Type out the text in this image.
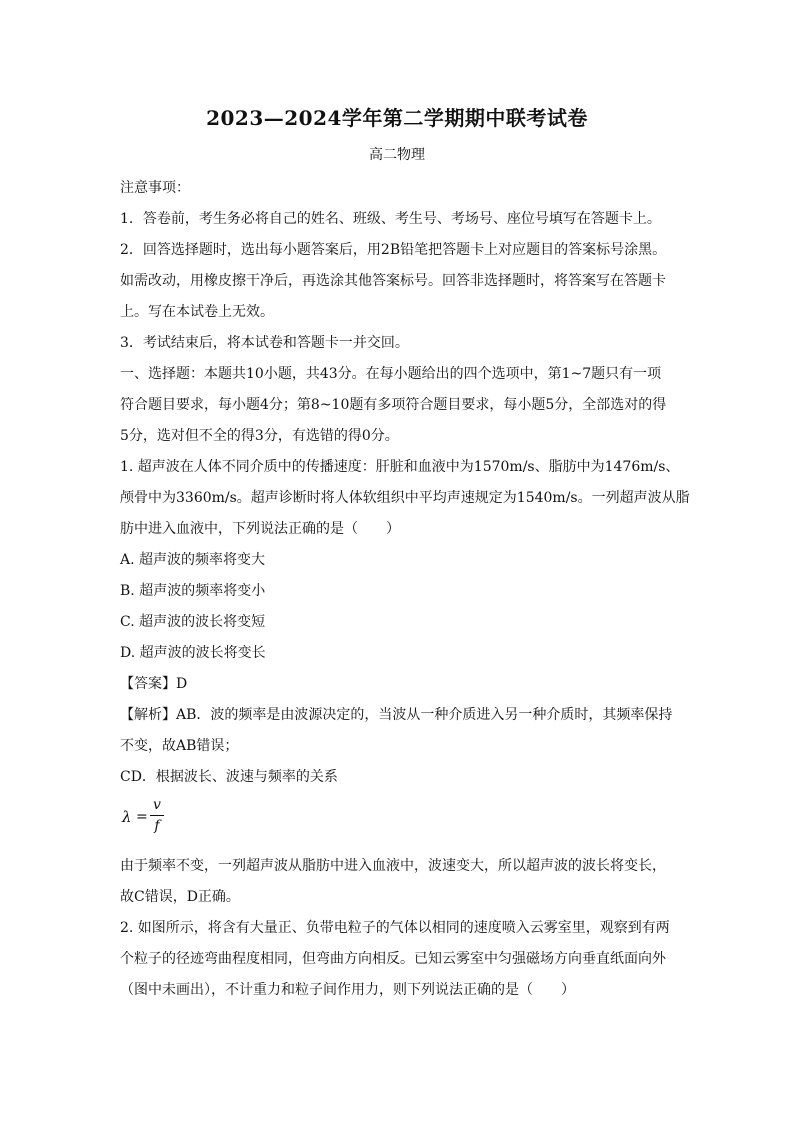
2023—2024学年第二学期期中联考试卷
高二物理

注意事项：

1．答卷前，考生务必将自己的姓名、班级、考生号、考场号、座位号填写在答题卡上。

2．回答选择题时，选出每小题答案后，用2B铅笔把答题卡上对应题目的答案标号涂黑。

如需改动，用橡皮擦干净后，再选涂其他答案标号。回答非选择题时，将答案写在答题卡

上。写在本试卷上无效。

3．考试结束后，将本试卷和答题卡一并交回。

一、选择题：本题共10小题，共43分。在每小题给出的四个选项中，第1~7题只有一项

符合题目要求，每小题4分；第8~10题有多项符合题目要求，每小题5分，全部选对的得

5分，选对但不全的得3分，有选错的得0分。

1. 超声波在人体不同介质中的传播速度：肝脏和血液中为1570m/s、脂肪中为1476m/s、

颅骨中为3360m/s。超声诊断时将人体软组织中平均声速规定为1540m/s。一列超声波从脂

肪中进入血液中，下列说法正确的是（　　）

A. 超声波的频率将变大

B. 超声波的频率将变小

C. 超声波的波长将变短

D. 超声波的波长将变长

【答案】D

【解析】AB．波的频率是由波源决定的，当波从一种介质进入另一种介质时，其频率保持

不变，故AB错误；

CD．根据波长、波速与频率的关系

$\lambda = \frac{v}{f}$

由于频率不变，一列超声波从脂肪中进入血液中，波速变大，所以超声波的波长将变长，

故C错误，D正确。

2. 如图所示，将含有大量正、负带电粒子的气体以相同的速度喷入云雾室里，观察到有两

个粒子的径迹弯曲程度相同，但弯曲方向相反。已知云雾室中匀强磁场方向垂直纸面向外

（图中未画出），不计重力和粒子间作用力，则下列说法正确的是（　　）
